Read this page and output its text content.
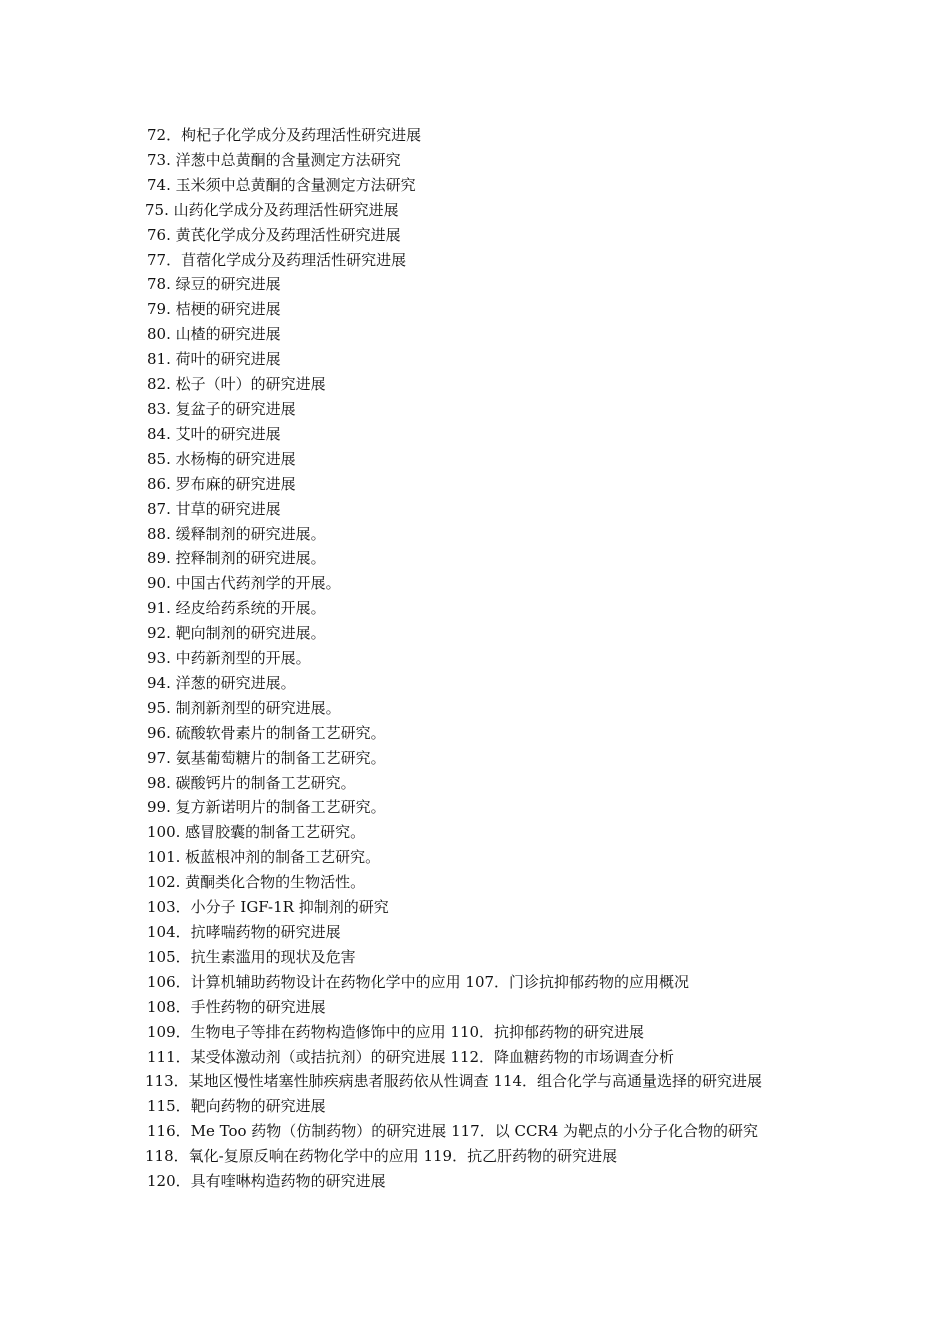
72．枸杞子化学成分及药理活性研究进展
73. 洋葱中总黄酮的含量测定方法研究
74. 玉米须中总黄酮的含量测定方法研究
75. 山药化学成分及药理活性研究进展
76. 黄芪化学成分及药理活性研究进展
77．苜蓿化学成分及药理活性研究进展
78. 绿豆的研究进展
79. 桔梗的研究进展
80. 山楂的研究进展
81. 荷叶的研究进展
82. 松子（叶）的研究进展
83. 复盆子的研究进展
84. 艾叶的研究进展
85. 水杨梅的研究进展
86. 罗布麻的研究进展
87. 甘草的研究进展
88. 缓释制剂的研究进展。
89. 控释制剂的研究进展。
90. 中国古代药剂学的开展。
91. 经皮给药系统的开展。
92. 靶向制剂的研究进展。
93. 中药新剂型的开展。
94. 洋葱的研究进展。
95. 制剂新剂型的研究进展。
96. 硫酸软骨素片的制备工艺研究。
97. 氨基葡萄糖片的制备工艺研究。
98. 碳酸钙片的制备工艺研究。
99. 复方新诺明片的制备工艺研究。
100. 感冒胶囊的制备工艺研究。
101. 板蓝根冲剂的制备工艺研究。
102. 黄酮类化合物的生物活性。
103．小分子 IGF-1R 抑制剂的研究
104．抗哮喘药物的研究进展
105．抗生素滥用的现状及危害
106．计算机辅助药物设计在药物化学中的应用 107．门诊抗抑郁药物的应用概况
108．手性药物的研究进展
109．生物电子等排在药物构造修饰中的应用 110．抗抑郁药物的研究进展
111．某受体激动剂（或拮抗剂）的研究进展 112．降血糖药物的市场调查分析
113．某地区慢性堵塞性肺疾病患者服药依从性调查 114．组合化学与高通量选择的研究进展
115．靶向药物的研究进展
116．Me Too 药物（仿制药物）的研究进展 117．以 CCR4 为靶点的小分子化合物的研究
118．氧化-复原反响在药物化学中的应用 119．抗乙肝药物的研究进展
120．具有喹啉构造药物的研究进展
